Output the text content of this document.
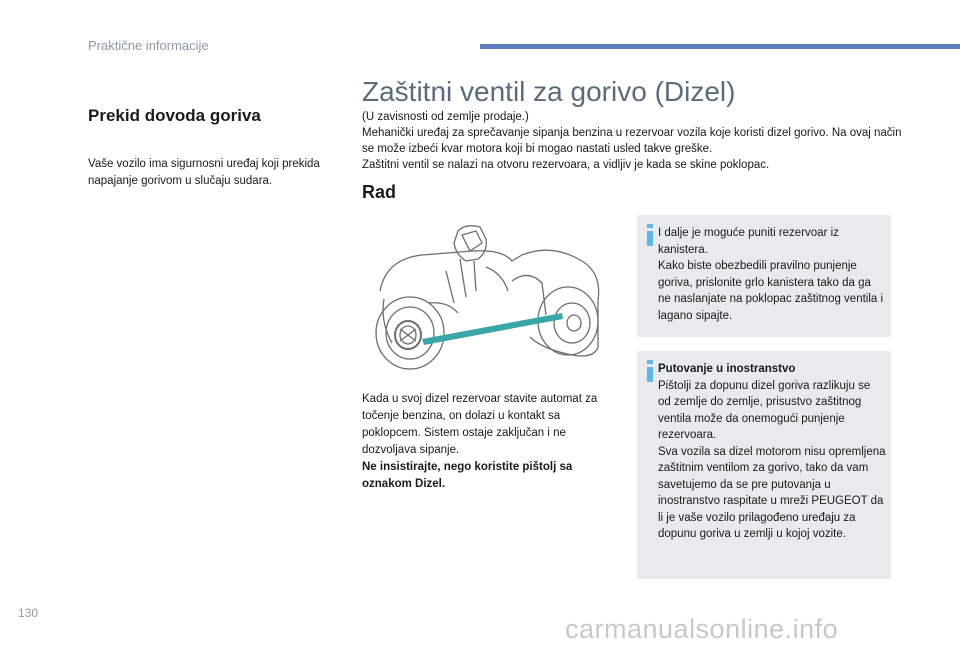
Praktične informacije
Prekid dovoda goriva
Vaše vozilo ima sigurnosni uređaj koji prekida napajanje gorivom u slučaju sudara.
Zaštitni ventil za gorivo (Dizel)
(U zavisnosti od zemlje prodaje.)
Mehanički uređaj za sprečavanje sipanja benzina u rezervoar vozila koje koristi dizel gorivo. Na ovaj način se može izbeći kvar motora koji bi mogao nastati usled takve greške.
Zaštitni ventil se nalazi na otvoru rezervoara, a vidljiv je kada se skine poklopac.
Rad
Kada u svoj dizel rezervoar stavite automat za točenje benzina, on dolazi u kontakt sa poklopcem. Sistem ostaje zaključan i ne dozvoljava sipanje.
Ne insistirajte, nego koristite pištolj sa oznakom Dizel.
I dalje je moguće puniti rezervoar iz kanistera.
Kako biste obezbedili pravilno punjenje goriva, prislonite grlo kanistera tako da ga ne naslanjate na poklopac zaštitnog ventila i lagano sipajte.
Putovanje u inostranstvo
Pištolji za dopunu dizel goriva razlikuju se od zemlje do zemlje, prisustvo zaštitnog ventila može da onemogući punjenje rezervoara.
Sva vozila sa dizel motorom nisu opremljena zaštitnim ventilom za gorivo, tako da vam savetujemo da se pre putovanja u inostranstvo raspitate u mreži PEUGEOT da li je vaše vozilo prilagođeno uređaju za dopunu goriva u zemlji u kojoj vozite.
130
carmanualsonline.info
